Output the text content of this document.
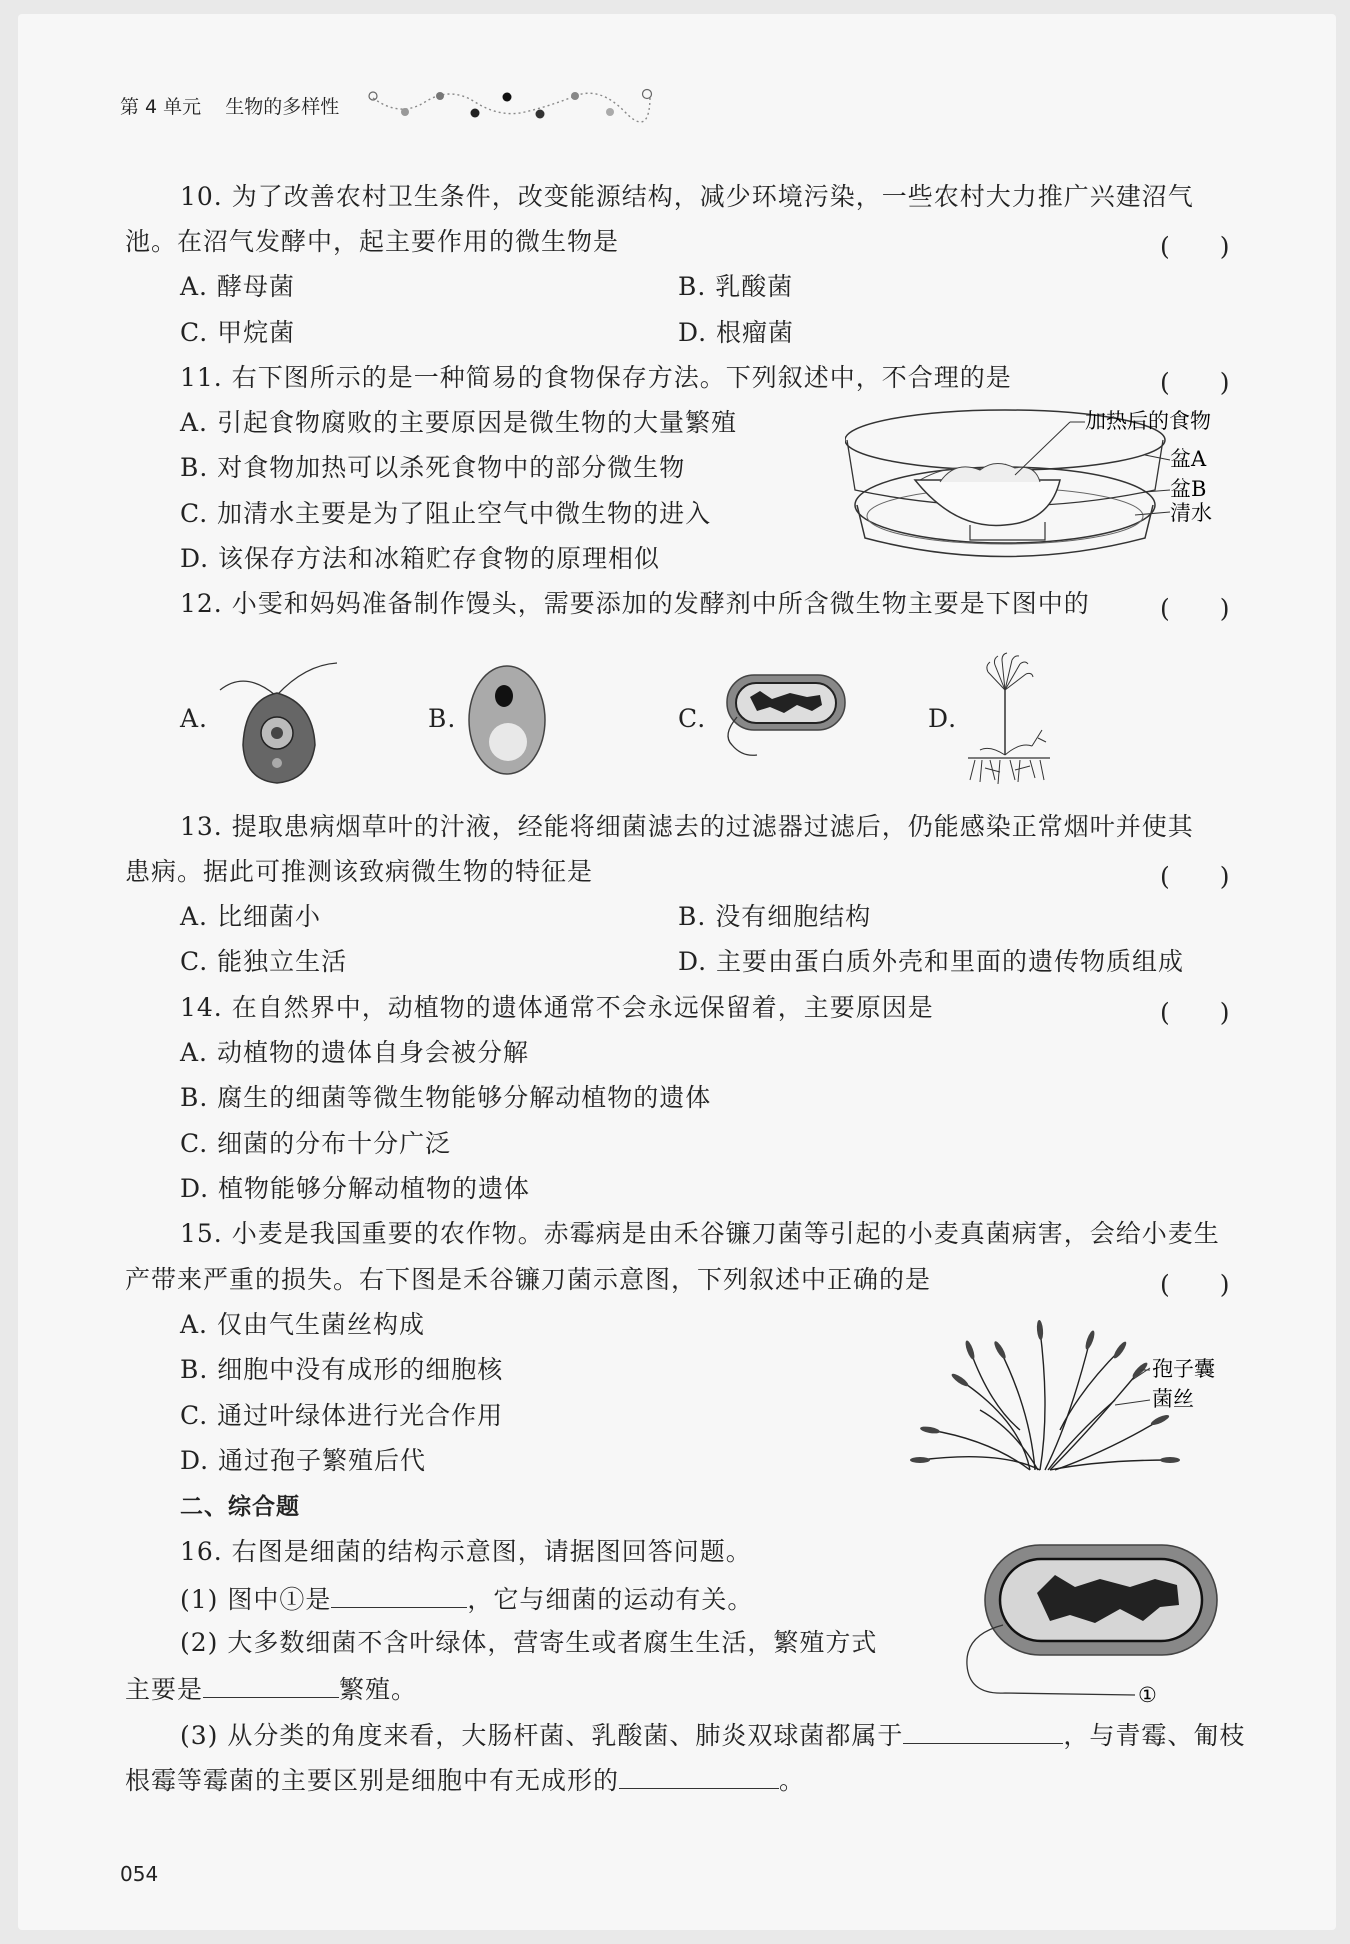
第 4 单元 生物的多样性
10. 为了改善农村卫生条件，改变能源结构，减少环境污染，一些农村大力推广兴建沼气
池。在沼气发酵中，起主要作用的微生物是	(　　)
A. 酵母菌	B. 乳酸菌
C. 甲烷菌	D. 根瘤菌
11. 右下图所示的是一种简易的食物保存方法。下列叙述中，不合理的是	(　　)
A. 引起食物腐败的主要原因是微生物的大量繁殖
B. 对食物加热可以杀死食物中的部分微生物
C. 加清水主要是为了阻止空气中微生物的进入
D. 该保存方法和冰箱贮存食物的原理相似
加热后的食物
盆A
盆B
清水
12. 小雯和妈妈准备制作馒头，需要添加的发酵剂中所含微生物主要是下图中的	(　　)
A.	B.	C.	D.
13. 提取患病烟草叶的汁液，经能将细菌滤去的过滤器过滤后，仍能感染正常烟叶并使其
患病。据此可推测该致病微生物的特征是	(　　)
A. 比细菌小	B. 没有细胞结构
C. 能独立生活	D. 主要由蛋白质外壳和里面的遗传物质组成
14. 在自然界中，动植物的遗体通常不会永远保留着，主要原因是	(　　)
A. 动植物的遗体自身会被分解
B. 腐生的细菌等微生物能够分解动植物的遗体
C. 细菌的分布十分广泛
D. 植物能够分解动植物的遗体
15. 小麦是我国重要的农作物。赤霉病是由禾谷镰刀菌等引起的小麦真菌病害，会给小麦生
产带来严重的损失。右下图是禾谷镰刀菌示意图，下列叙述中正确的是	(　　)
A. 仅由气生菌丝构成
B. 细胞中没有成形的细胞核
C. 通过叶绿体进行光合作用
D. 通过孢子繁殖后代
孢子囊
菌丝
二、综合题
16. 右图是细菌的结构示意图，请据图回答问题。
(1) 图中①是	，它与细菌的运动有关。
(2) 大多数细菌不含叶绿体，营寄生或者腐生生活，繁殖方式
主要是	繁殖。
(3) 从分类的角度来看，大肠杆菌、乳酸菌、肺炎双球菌都属于	，与青霉、匍枝
根霉等霉菌的主要区别是细胞中有无成形的	。
①
054
